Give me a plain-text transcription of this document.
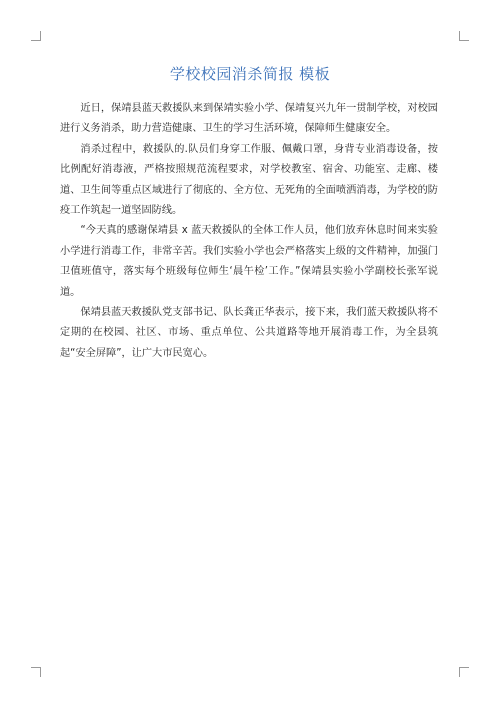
学校校园消杀简报 模板

近日，保靖县蓝天救援队来到保靖实验小学、保靖复兴九年一贯制学校，对校园进行义务消杀，助力营造健康、卫生的学习生活环境，保障师生健康安全。

消杀过程中，救援队的.队员们身穿工作服、佩戴口罩，身背专业消毒设备，按比例配好消毒液，严格按照规范流程要求，对学校教室、宿舍、功能室、走廊、楼道、卫生间等重点区域进行了彻底的、全方位、无死角的全面喷洒消毒，为学校的防疫工作筑起一道坚固防线。

“今天真的感谢保靖县 x 蓝天救援队的全体工作人员，他们放弃休息时间来实验小学进行消毒工作，非常辛苦。我们实验小学也会严格落实上级的文件精神，加强门卫值班值守，落实每个班级每位师生‘晨午检’工作。”保靖县实验小学副校长张军说道。

保靖县蓝天救援队党支部书记、队长龚正华表示，接下来，我们蓝天救援队将不定期的在校园、社区、市场、重点单位、公共道路等地开展消毒工作，为全县筑起“安全屏障”，让广大市民宽心。
